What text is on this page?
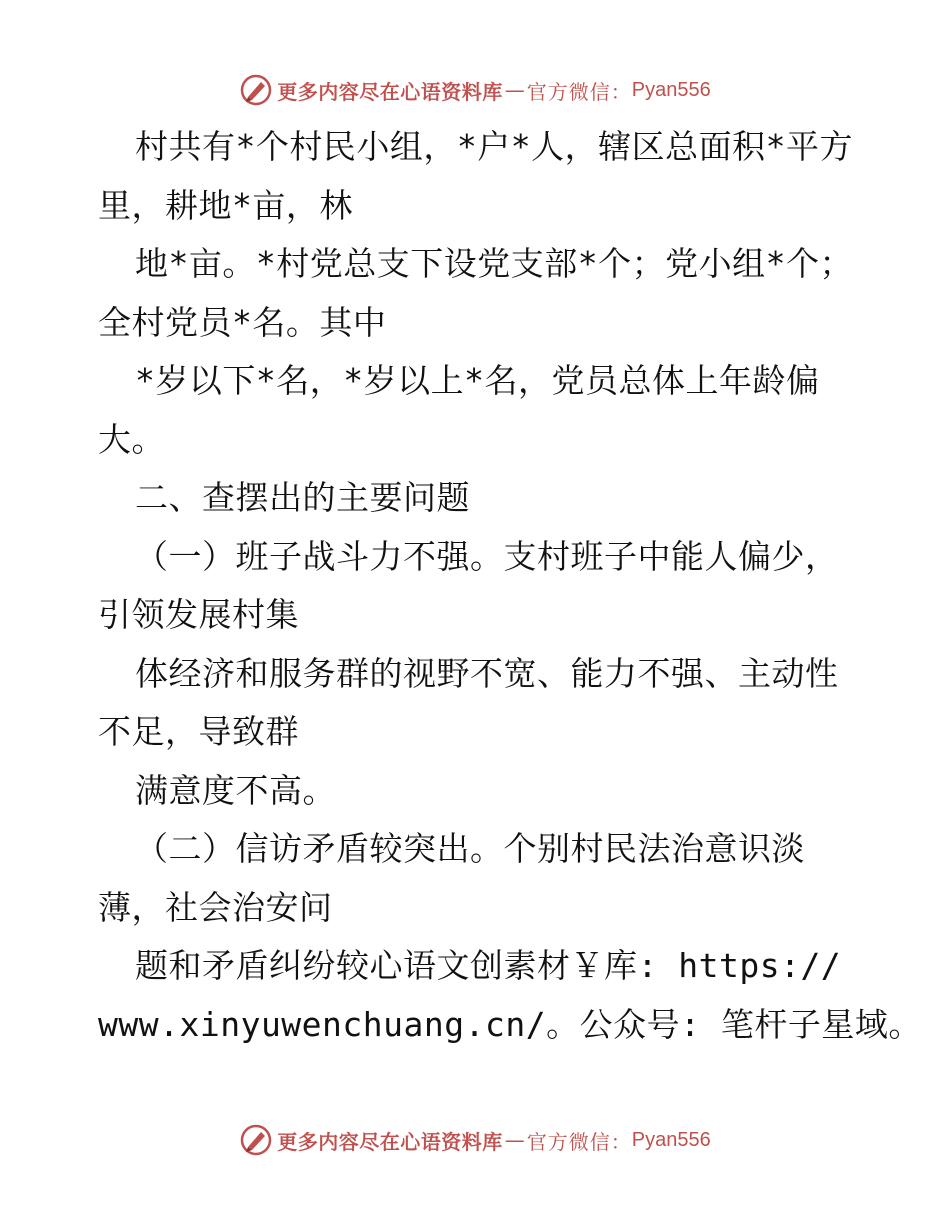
更多内容尽在心语资料库 — 官方微信： Pyan556
村共有*个村民小组，*户*人，辖区总面积*平方
里，耕地*亩，林
地*亩。*村党总支下设党支部*个；党小组*个；
全村党员*名。其中
*岁以下*名，*岁以上*名，党员总体上年龄偏
大。
二、查摆出的主要问题
（一）班子战斗力不强。支村班子中能人偏少，
引领发展村集
体经济和服务群的视野不宽、能力不强、主动性
不足，导致群
满意度不高。
（二）信访矛盾较突出。个别村民法治意识淡
薄，社会治安问
题和矛盾纠纷较心语文创素材￥库: https://
www.xinyuwenchuang.cn/。公众号: 笔杆子星域。
更多内容尽在心语资料库 — 官方微信： Pyan556
